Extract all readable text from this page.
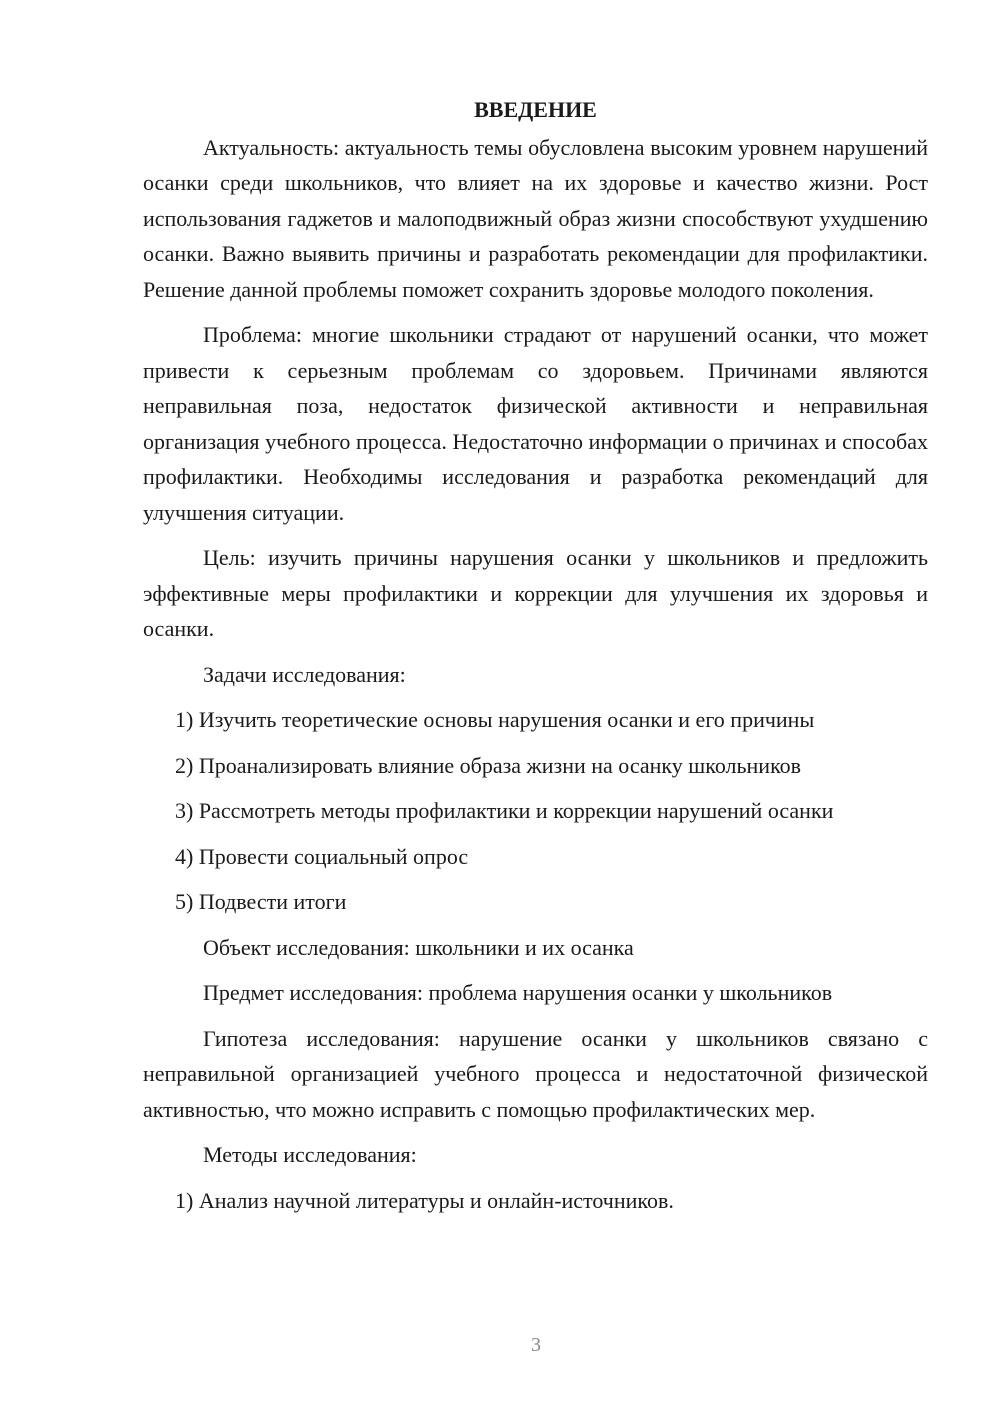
ВВЕДЕНИЕ
Актуальность: актуальность темы обусловлена высоким уровнем нарушений осанки среди школьников, что влияет на их здоровье и качество жизни. Рост использования гаджетов и малоподвижный образ жизни способствуют ухудшению осанки. Важно выявить причины и разработать рекомендации для профилактики. Решение данной проблемы поможет сохранить здоровье молодого поколения.
Проблема: многие школьники страдают от нарушений осанки, что может привести к серьезным проблемам со здоровьем. Причинами являются неправильная поза, недостаток физической активности и неправильная организация учебного процесса. Недостаточно информации о причинах и способах профилактики. Необходимы исследования и разработка рекомендаций для улучшения ситуации.
Цель: изучить причины нарушения осанки у школьников и предложить эффективные меры профилактики и коррекции для улучшения их здоровья и осанки.
Задачи исследования:
1) Изучить теоретические основы нарушения осанки и его причины
2) Проанализировать влияние образа жизни на осанку школьников
3) Рассмотреть методы профилактики и коррекции нарушений осанки
4) Провести социальный опрос
5) Подвести итоги
Объект исследования: школьники и их осанка
Предмет исследования: проблема нарушения осанки у школьников
Гипотеза исследования: нарушение осанки у школьников связано с неправильной организацией учебного процесса и недостаточной физической активностью, что можно исправить с помощью профилактических мер.
Методы исследования:
1) Анализ научной литературы и онлайн-источников.
3
